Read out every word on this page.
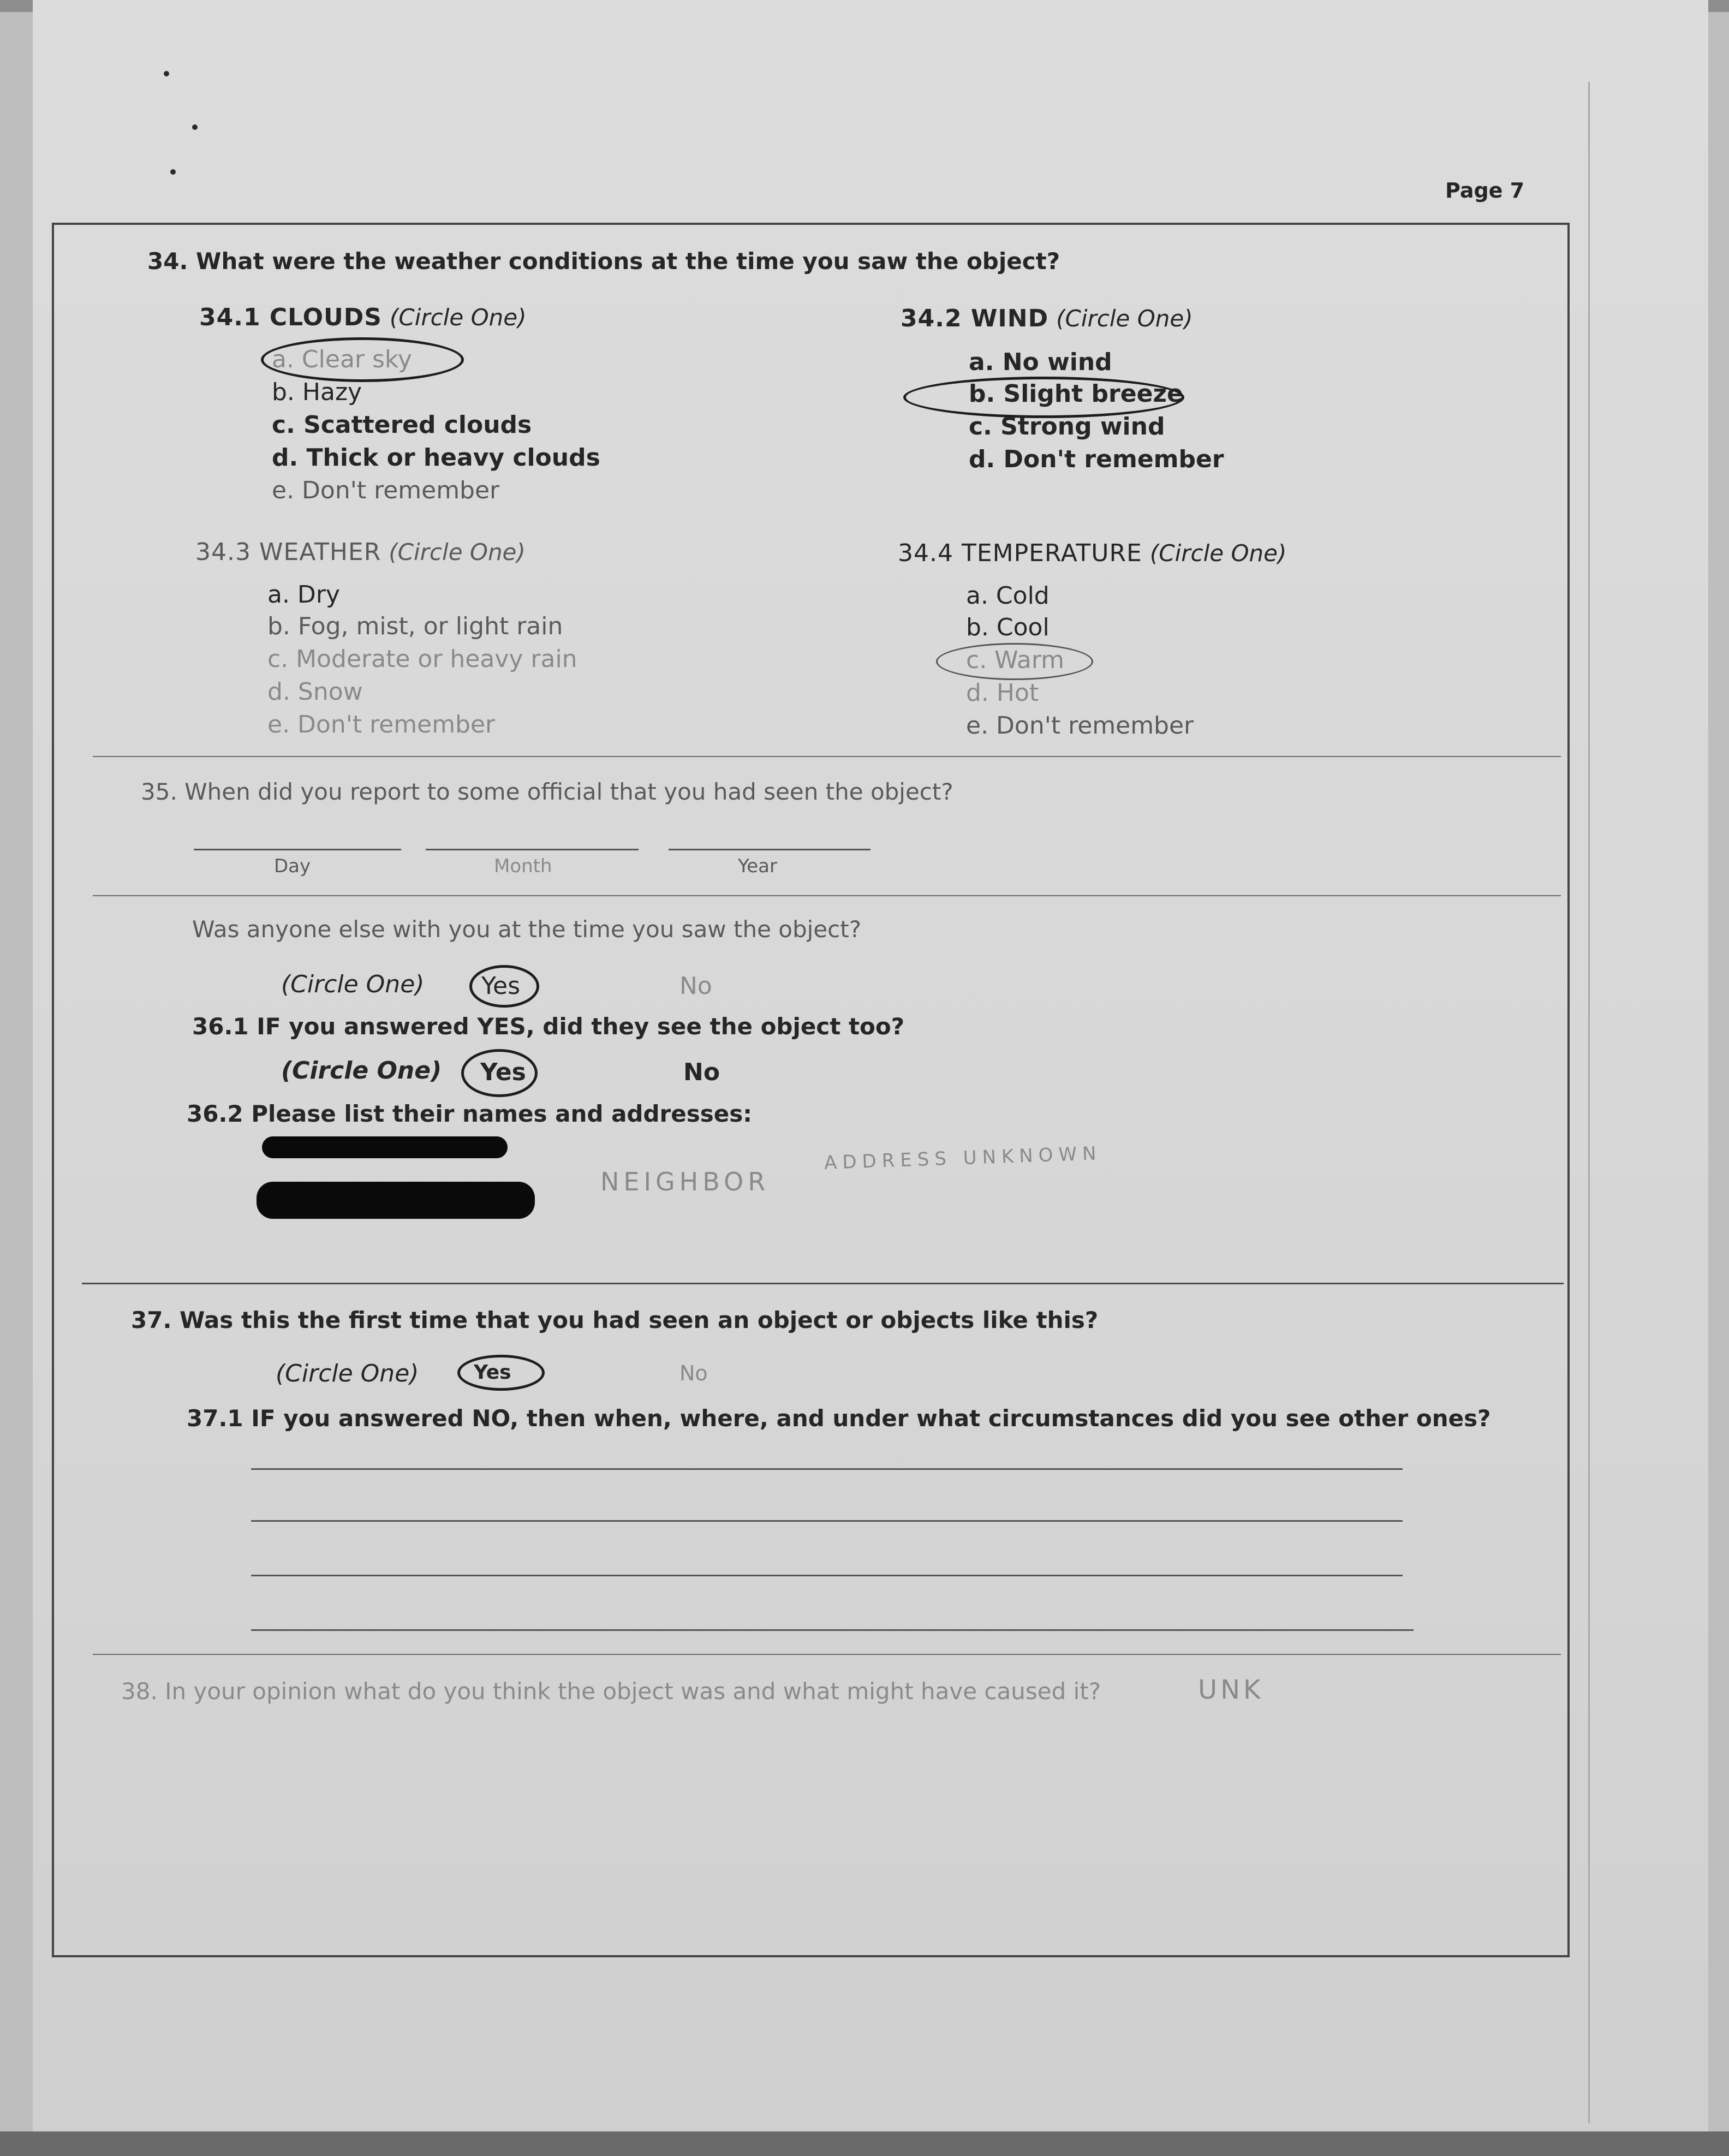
Page 7
34. What were the weather conditions at the time you saw the object?
34.1 CLOUDS (Circle One)
a. Clear sky
b. Hazy
c. Scattered clouds
d. Thick or heavy clouds
e. Don't remember
34.2 WIND (Circle One)
a. No wind
b. Slight breeze
c. Strong wind
d. Don't remember
34.3 WEATHER (Circle One)
a. Dry
b. Fog, mist, or light rain
c. Moderate or heavy rain
d. Snow
e. Don't remember
34.4 TEMPERATURE (Circle One)
a. Cold
b. Cool
c. Warm
d. Hot
e. Don't remember
35. When did you report to some official that you had seen the object?
Day	Month	Year
Was anyone else with you at the time you saw the object?
(Circle One) Yes	No
36.1 IF you answered YES, did they see the object too?
(Circle One) Yes	No
36.2 Please list their names and addresses:
NEIGHBOR
ADDRESS UNKNOWN
37. Was this the first time that you had seen an object or objects like this?
(Circle One)	Yes	No
37.1 IF you answered NO, then when, where, and under what circumstances did you see other ones?
38. In your opinion what do you think the object was and what might have caused it?	UNK
